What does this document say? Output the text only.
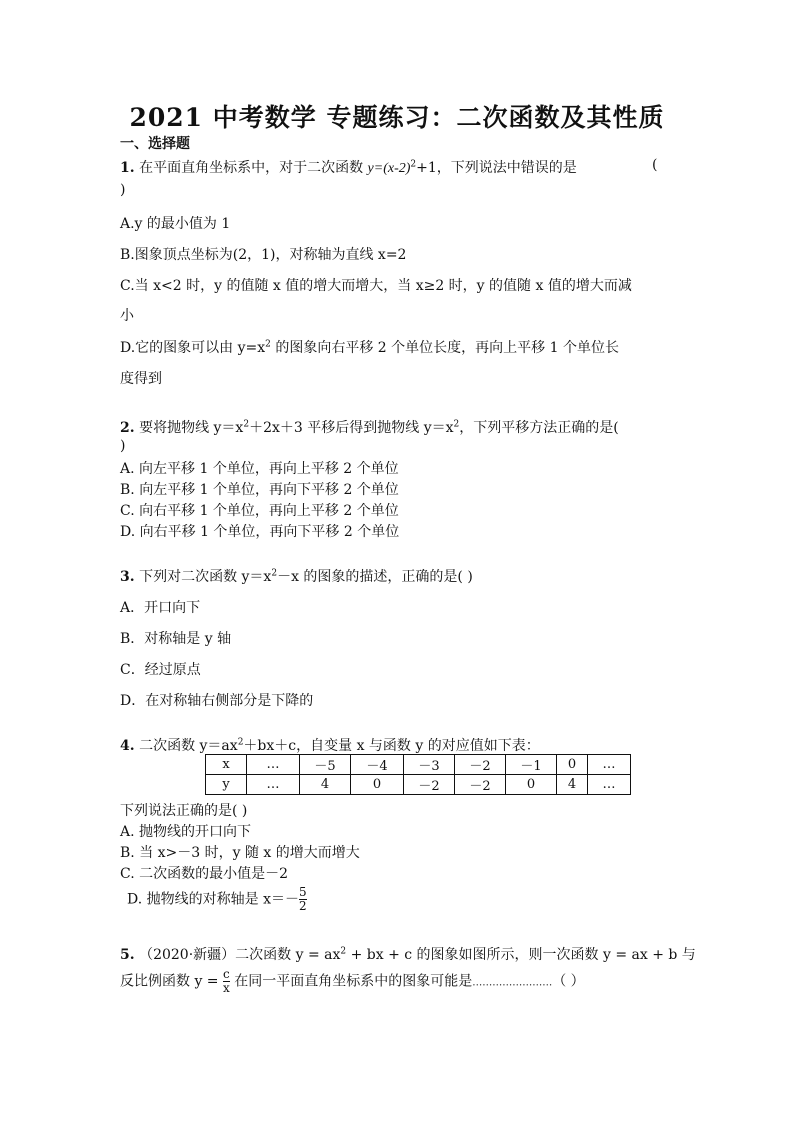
2021 中考数学 专题练习：二次函数及其性质
一、选择题
1. 在平面直角坐标系中，对于二次函数 $y=(x-2)^2+1$，下列说法中错误的是	(
)
A.y 的最小值为 1
B.图象顶点坐标为(2，1)，对称轴为直线 x=2
C.当 x<2 时，y 的值随 x 值的增大而增大，当 x≥2 时，y 的值随 x 值的增大而减
小
D.它的图象可以由 $y=x^2$ 的图象向右平移 2 个单位长度，再向上平移 1 个单位长
度得到
2. 要将抛物线 $y=x^2+2x+3$ 平移后得到抛物线 $y=x^2$，下列平移方法正确的是(
)
A. 向左平移 1 个单位，再向上平移 2 个单位
B. 向左平移 1 个单位，再向下平移 2 个单位
C. 向右平移 1 个单位，再向上平移 2 个单位
D. 向右平移 1 个单位，再向下平移 2 个单位
3. 下列对二次函数 $y=x^2-x$ 的图象的描述，正确的是( )
A．开口向下
B．对称轴是 y 轴
C．经过原点
D．在对称轴右侧部分是下降的
4. 二次函数 $y=ax^2+bx+c$，自变量 x 与函数 y 的对应值如下表：
x	…	－5	－4	－3	－2	－1	0	…
y	…	4	0	－2	－2	0	4	…
下列说法正确的是( )
A. 抛物线的开口向下
B. 当 x>－3 时，y 随 x 的增大而增大
C. 二次函数的最小值是－2
D. 抛物线的对称轴是 $x=- \frac{5}{2}$
5. （2020·新疆）二次函数 $y = ax^2$ + bx + c 的图象如图所示，则一次函数 y = ax + b 与
反比例函数 $y = \frac{c}{x}$ 在同一平面直角坐标系中的图象可能是……………………（ ）
